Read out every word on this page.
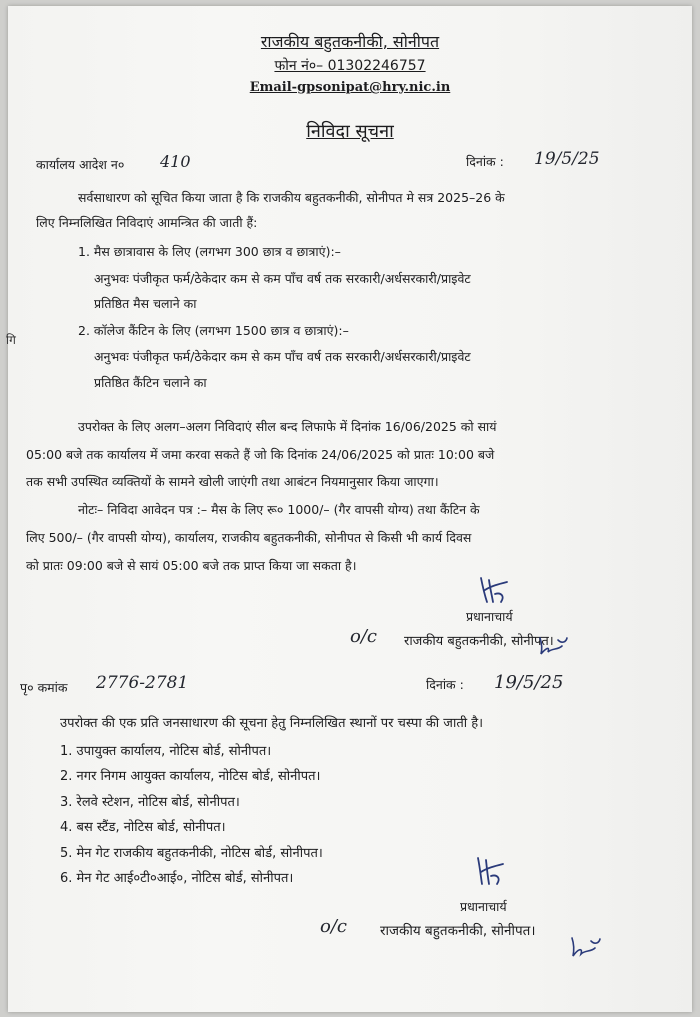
गि
राजकीय बहुतकनीकी, सोनीपत
फोन नं०– 01302246757
Email-gpsonipat@hry.nic.in
निविदा सूचना
कार्यालय आदेश न० 410	दिनांक : 19/5/25
सर्वसाधारण को सूचित किया जाता है कि राजकीय बहुतकनीकी, सोनीपत मे सत्र 2025–26 के
लिए निम्नलिखित निविदाएं आमन्त्रित की जाती हैं:
1. मैस छात्रावास के लिए (लगभग 300 छात्र व छात्राएं):–
अनुभवः पंजीकृत फर्म/ठेकेदार कम से कम पाँच वर्ष तक सरकारी/अर्धसरकारी/प्राइवेट
प्रतिष्ठित मैस चलाने का
2. कॉलेज कैंटिन के लिए (लगभग 1500 छात्र व छात्राएं):–
अनुभवः पंजीकृत फर्म/ठेकेदार कम से कम पाँच वर्ष तक सरकारी/अर्धसरकारी/प्राइवेट
प्रतिष्ठित कैंटिन चलाने का
उपरोक्त के लिए अलग–अलग निविदाएं सील बन्द लिफाफे में दिनांक 16/06/2025 को सायं
05:00 बजे तक कार्यालय में जमा करवा सकते हैं जो कि दिनांक 24/06/2025 को प्रातः 10:00 बजे
तक सभी उपस्थित व्यक्तियों के सामने खोली जाएंगी तथा आबंटन नियमानुसार किया जाएगा।
नोटः– निविदा आवेदन पत्र :– मैस के लिए रू० 1000/– (गैर वापसी योग्य) तथा कैंटिन के
लिए 500/– (गैर वापसी योग्य), कार्यालय, राजकीय बहुतकनीकी, सोनीपत से किसी भी कार्य दिवस
को प्रातः 09:00 बजे से सायं 05:00 बजे तक प्राप्त किया जा सकता है।
प्रधानाचार्य
o/c राजकीय बहुतकनीकी, सोनीपत।
पृ० कमांक 2776-2781	दिनांक : 19/5/25
उपरोक्त की एक प्रति जनसाधारण की सूचना हेतु निम्नलिखित स्थानों पर चस्पा की जाती है।
1. उपायुक्त कार्यालय, नोटिस बोर्ड, सोनीपत।
2. नगर निगम आयुक्त कार्यालय, नोटिस बोर्ड, सोनीपत।
3. रेलवे स्टेशन, नोटिस बोर्ड, सोनीपत।
4. बस स्टैंड, नोटिस बोर्ड, सोनीपत।
5. मेन गेट राजकीय बहुतकनीकी, नोटिस बोर्ड, सोनीपत।
6. मेन गेट आई०टी०आई०, नोटिस बोर्ड, सोनीपत।
प्रधानाचार्य
o/c राजकीय बहुतकनीकी, सोनीपत।
